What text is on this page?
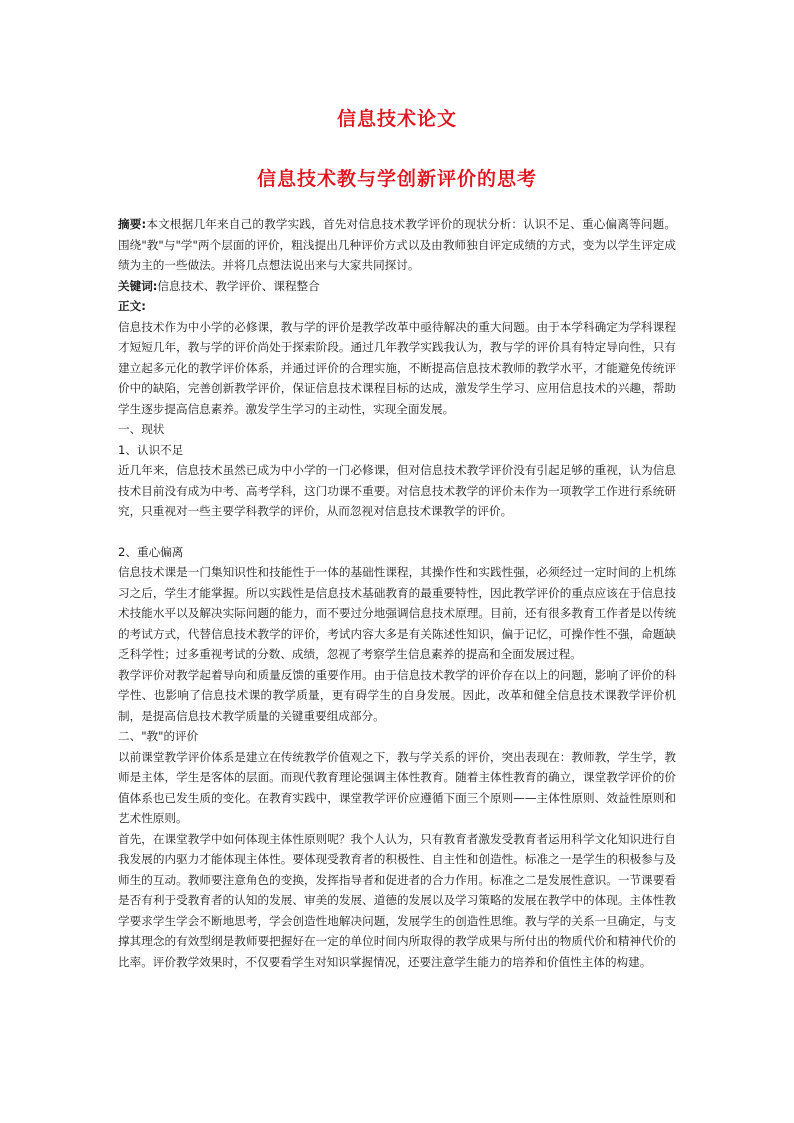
信息技术论文
信息技术教与学创新评价的思考

摘要:本文根据几年来自己的教学实践，首先对信息技术教学评价的现状分析：认识不足、重心偏离等问题。围绕"教"与"学"两个层面的评价，粗浅提出几种评价方式以及由教师独自评定成绩的方式，变为以学生评定成绩为主的一些做法。并将几点想法说出来与大家共同探讨。

关键词:信息技术、教学评价、课程整合

正文:

信息技术作为中小学的必修课，教与学的评价是教学改革中亟待解决的重大问题。由于本学科确定为学科课程才短短几年，教与学的评价尚处于探索阶段。通过几年教学实践我认为，教与学的评价具有特定导向性，只有建立起多元化的教学评价体系，并通过评价的合理实施，不断提高信息技术教师的教学水平，才能避免传统评价中的缺陷，完善创新教学评价，保证信息技术课程目标的达成，激发学生学习、应用信息技术的兴趣，帮助学生逐步提高信息素养。激发学生学习的主动性，实现全面发展。

一、现状

1、认识不足

近几年来，信息技术虽然已成为中小学的一门必修课，但对信息技术教学评价没有引起足够的重视，认为信息技术目前没有成为中考、高考学科，这门功课不重要。对信息技术教学的评价未作为一项教学工作进行系统研究，只重视对一些主要学科教学的评价，从而忽视对信息技术课教学的评价。

2、重心偏离

信息技术课是一门集知识性和技能性于一体的基础性课程，其操作性和实践性强，必须经过一定时间的上机练习之后，学生才能掌握。所以实践性是信息技术基础教育的最重要特性，因此教学评价的重点应该在于信息技术技能水平以及解决实际问题的能力，而不要过分地强调信息技术原理。目前，还有很多教育工作者是以传统的考试方式，代替信息技术教学的评价，考试内容大多是有关陈述性知识，偏于记忆，可操作性不强，命题缺乏科学性；过多重视考试的分数、成绩，忽视了考察学生信息素养的提高和全面发展过程。

教学评价对教学起着导向和质量反馈的重要作用。由于信息技术教学的评价存在以上的问题，影响了评价的科学性、也影响了信息技术课的教学质量，更有碍学生的自身发展。因此，改革和健全信息技术课教学评价机制，是提高信息技术教学质量的关键重要组成部分。

二、"教"的评价

以前课堂教学评价体系是建立在传统教学价值观之下，教与学关系的评价，突出表现在：教师教，学生学，教师是主体，学生是客体的层面。而现代教育理论强调主体性教育。随着主体性教育的确立，课堂教学评价的价值体系也已发生质的变化。在教育实践中，课堂教学评价应遵循下面三个原则——主体性原则、效益性原则和艺术性原则。

首先，在课堂教学中如何体现主体性原则呢？我个人认为，只有教育者激发受教育者运用科学文化知识进行自我发展的内驱力才能体现主体性。要体现受教育者的积极性、自主性和创造性。标准之一是学生的积极参与及师生的互动。教师要注意角色的变换，发挥指导者和促进者的合力作用。标准之二是发展性意识。一节课要看是否有利于受教育者的认知的发展、审美的发展、道德的发展以及学习策略的发展在教学中的体现。主体性教学要求学生学会不断地思考，学会创造性地解决问题，发展学生的创造性思维。教与学的关系一旦确定，与支撑其理念的有效型纲是教师要把握好在一定的单位时间内所取得的教学成果与所付出的物质代价和精神代价的比率。评价教学效果时，不仅要看学生对知识掌握情况，还要注意学生能力的培养和价值性主体的构建。
